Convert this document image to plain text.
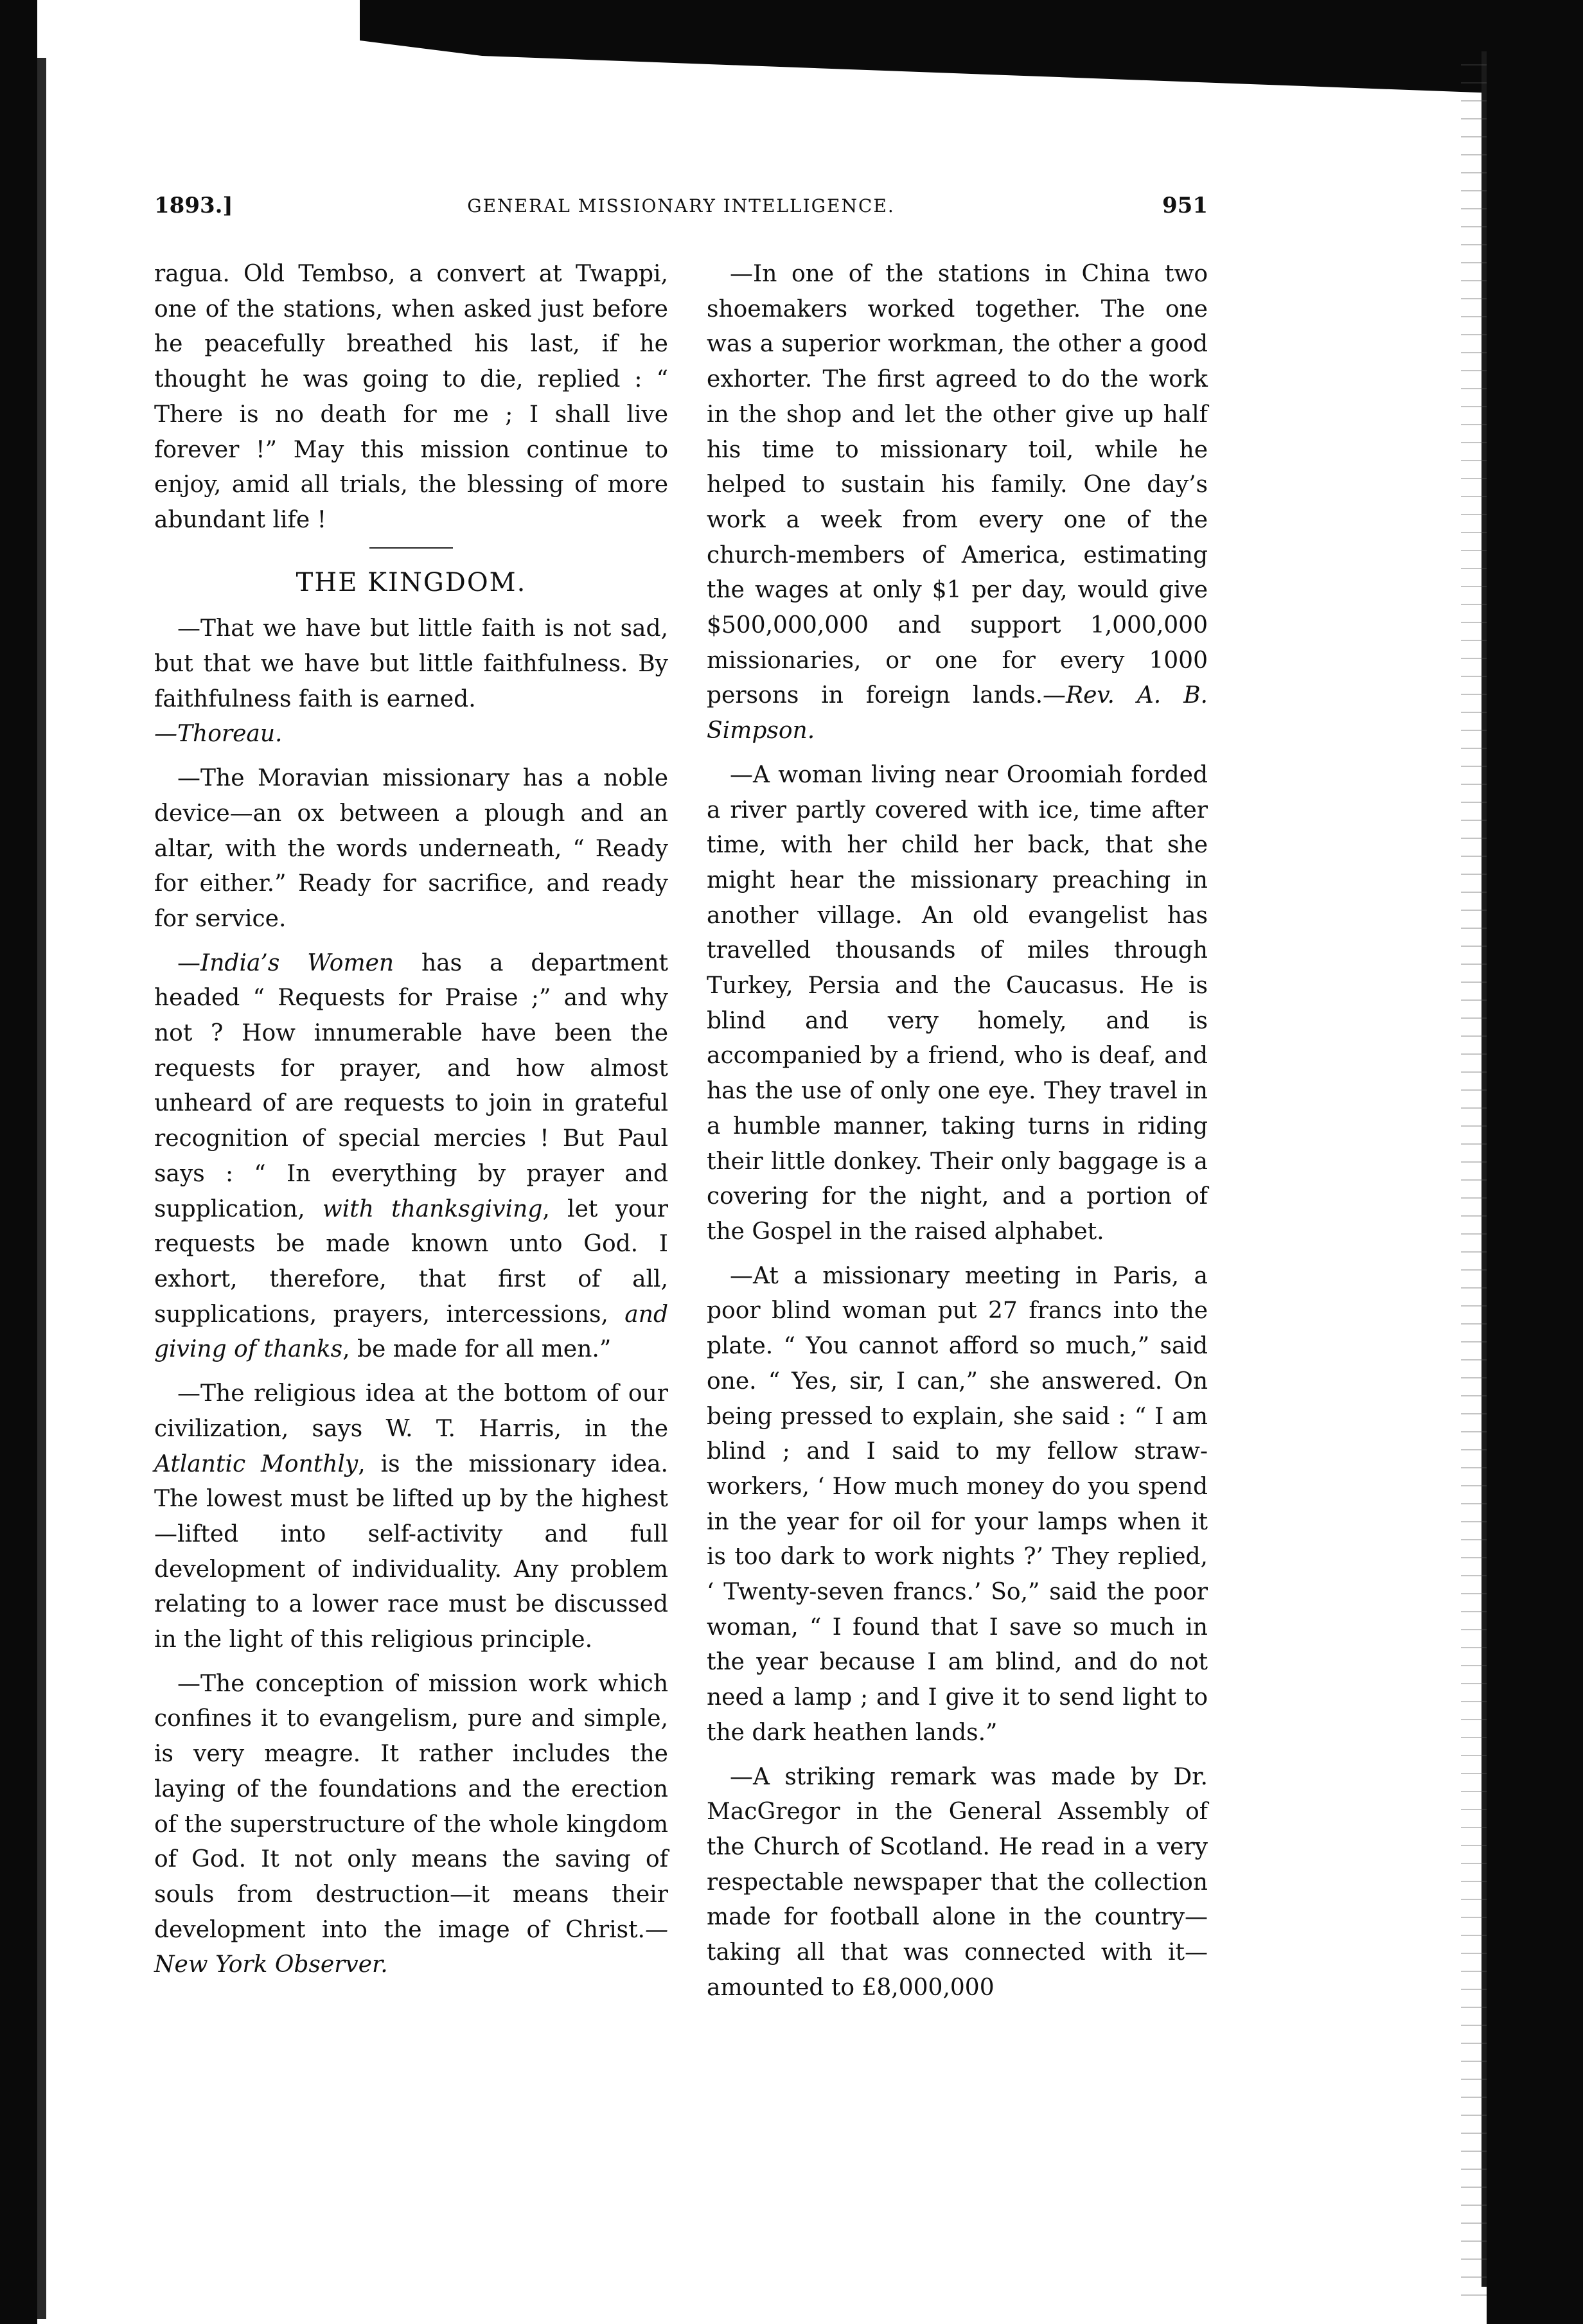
1893.]	GENERAL MISSIONARY INTELLIGENCE.	951

ragua. Old Tembso, a convert at Twappi, one of the stations, when asked just before he peacefully breathed his last, if he thought he was going to die, replied : “ There is no death for me ; I shall live forever !” May this mission continue to enjoy, amid all trials, the blessing of more abundant life !

THE KINGDOM.

—That we have but little faith is not sad, but that we have but little faithfulness. By faithfulness faith is earned.
—Thoreau.

—The Moravian missionary has a noble device—an ox between a plough and an altar, with the words underneath, “ Ready for either.” Ready for sacrifice, and ready for service.

—India’s Women has a department headed “ Requests for Praise ;” and why not ? How innumerable have been the requests for prayer, and how almost unheard of are requests to join in grateful recognition of special mercies ! But Paul says : “ In everything by prayer and supplication, with thanksgiving, let your requests be made known unto God. I exhort, therefore, that first of all, supplications, prayers, intercessions, and giving of thanks, be made for all men.”

—The religious idea at the bottom of our civilization, says W. T. Harris, in the Atlantic Monthly, is the missionary idea. The lowest must be lifted up by the highest—lifted into self-activity and full development of individuality. Any problem relating to a lower race must be discussed in the light of this religious principle.

—The conception of mission work which confines it to evangelism, pure and simple, is very meagre. It rather includes the laying of the foundations and the erection of the superstructure of the whole kingdom of God. It not only means the saving of souls from destruction—it means their development into the image of Christ.—New York Observer.

—In one of the stations in China two shoemakers worked together. The one was a superior workman, the other a good exhorter. The first agreed to do the work in the shop and let the other give up half his time to missionary toil, while he helped to sustain his family. One day’s work a week from every one of the church-members of America, estimating the wages at only $1 per day, would give $500,000,000 and support 1,000,000 missionaries, or one for every 1000 persons in foreign lands.—Rev. A. B. Simpson.

—A woman living near Oroomiah forded a river partly covered with ice, time after time, with her child her back, that she might hear the missionary preaching in another village. An old evangelist has travelled thousands of miles through Turkey, Persia and the Caucasus. He is blind and very homely, and is accompanied by a friend, who is deaf, and has the use of only one eye. They travel in a humble manner, taking turns in riding their little donkey. Their only baggage is a covering for the night, and a portion of the Gospel in the raised alphabet.

—At a missionary meeting in Paris, a poor blind woman put 27 francs into the plate. “ You cannot afford so much,” said one. “ Yes, sir, I can,” she answered. On being pressed to explain, she said : “ I am blind ; and I said to my fellow straw-workers, ‘ How much money do you spend in the year for oil for your lamps when it is too dark to work nights ?’ They replied, ‘ Twenty-seven francs.’ So,” said the poor woman, “ I found that I save so much in the year because I am blind, and do not need a lamp ; and I give it to send light to the dark heathen lands.”

—A striking remark was made by Dr. MacGregor in the General Assembly of the Church of Scotland. He read in a very respectable newspaper that the collection made for football alone in the country—taking all that was connected with it—amounted to £8,000,000
